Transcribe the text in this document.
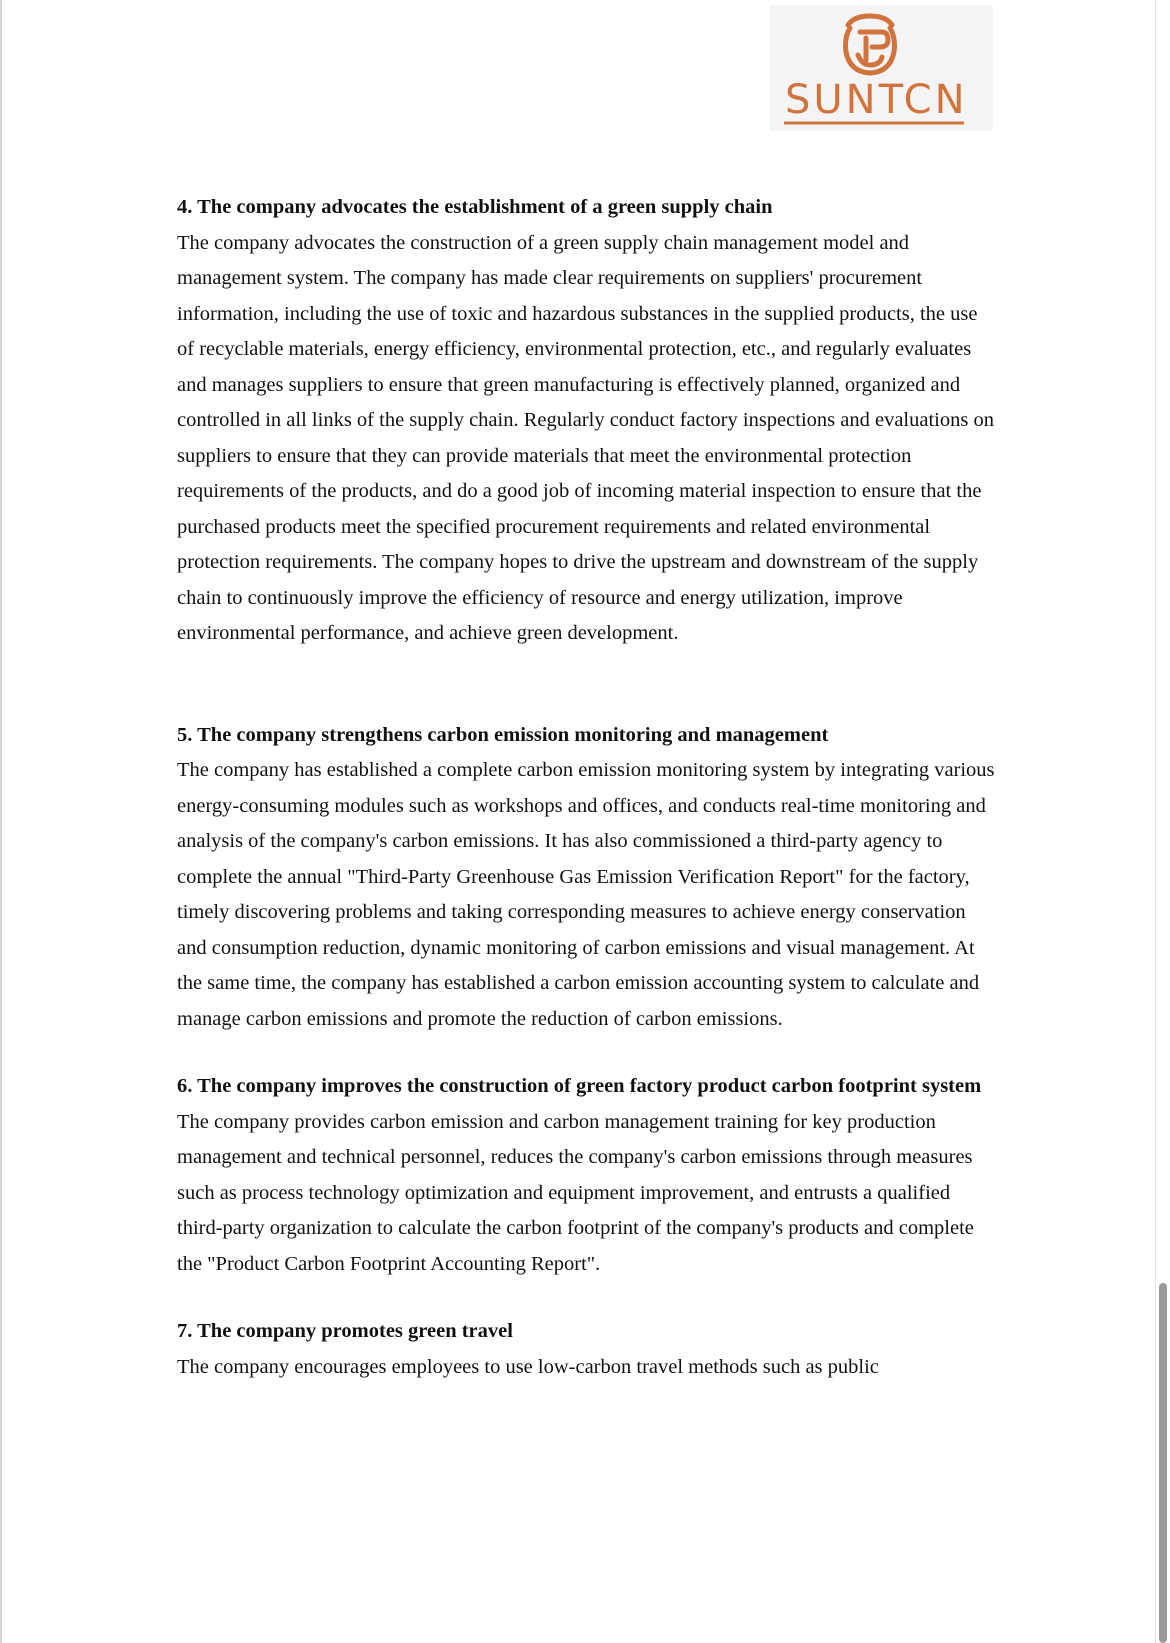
SUNTCN

4. The company advocates the establishment of a green supply chain

The company advocates the construction of a green supply chain management model and management system. The company has made clear requirements on suppliers' procurement information, including the use of toxic and hazardous substances in the supplied products, the use of recyclable materials, energy efficiency, environmental protection, etc., and regularly evaluates and manages suppliers to ensure that green manufacturing is effectively planned, organized and controlled in all links of the supply chain. Regularly conduct factory inspections and evaluations on suppliers to ensure that they can provide materials that meet the environmental protection requirements of the products, and do a good job of incoming material inspection to ensure that the purchased products meet the specified procurement requirements and related environmental protection requirements. The company hopes to drive the upstream and downstream of the supply chain to continuously improve the efficiency of resource and energy utilization, improve environmental performance, and achieve green development.

5. The company strengthens carbon emission monitoring and management

The company has established a complete carbon emission monitoring system by integrating various energy-consuming modules such as workshops and offices, and conducts real-time monitoring and analysis of the company's carbon emissions. It has also commissioned a third-party agency to complete the annual "Third-Party Greenhouse Gas Emission Verification Report" for the factory, timely discovering problems and taking corresponding measures to achieve energy conservation and consumption reduction, dynamic monitoring of carbon emissions and visual management. At the same time, the company has established a carbon emission accounting system to calculate and manage carbon emissions and promote the reduction of carbon emissions.

6. The company improves the construction of green factory product carbon footprint system

The company provides carbon emission and carbon management training for key production management and technical personnel, reduces the company's carbon emissions through measures such as process technology optimization and equipment improvement, and entrusts a qualified third-party organization to calculate the carbon footprint of the company's products and complete the "Product Carbon Footprint Accounting Report".

7. The company promotes green travel

The company encourages employees to use low-carbon travel methods such as public
